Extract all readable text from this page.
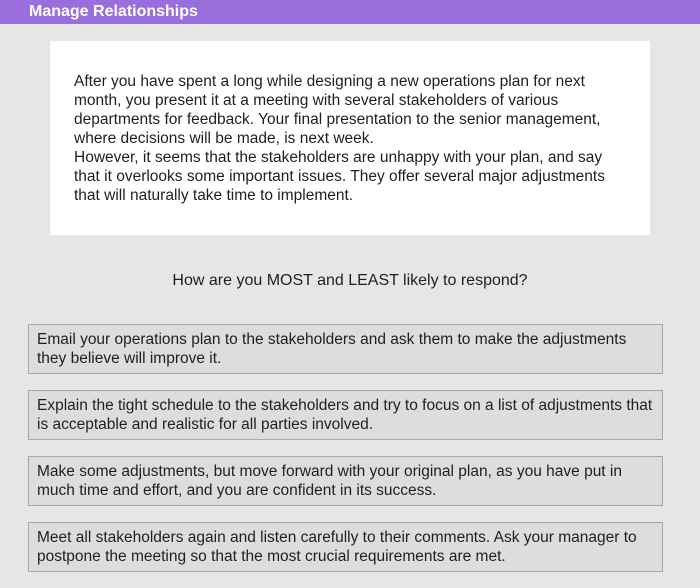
Manage Relationships

After you have spent a long while designing a new operations plan for next month, you present it at a meeting with several stakeholders of various departments for feedback. Your final presentation to the senior management, where decisions will be made, is next week.

However, it seems that the stakeholders are unhappy with your plan, and say that it overlooks some important issues. They offer several major adjustments that will naturally take time to implement.

How are you MOST and LEAST likely to respond?
Email your operations plan to the stakeholders and ask them to make the adjustments they believe will improve it.
Explain the tight schedule to the stakeholders and try to focus on a list of adjustments that is acceptable and realistic for all parties involved.
Make some adjustments, but move forward with your original plan, as you have put in much time and effort, and you are confident in its success.
Meet all stakeholders again and listen carefully to their comments. Ask your manager to postpone the meeting so that the most crucial requirements are met.
